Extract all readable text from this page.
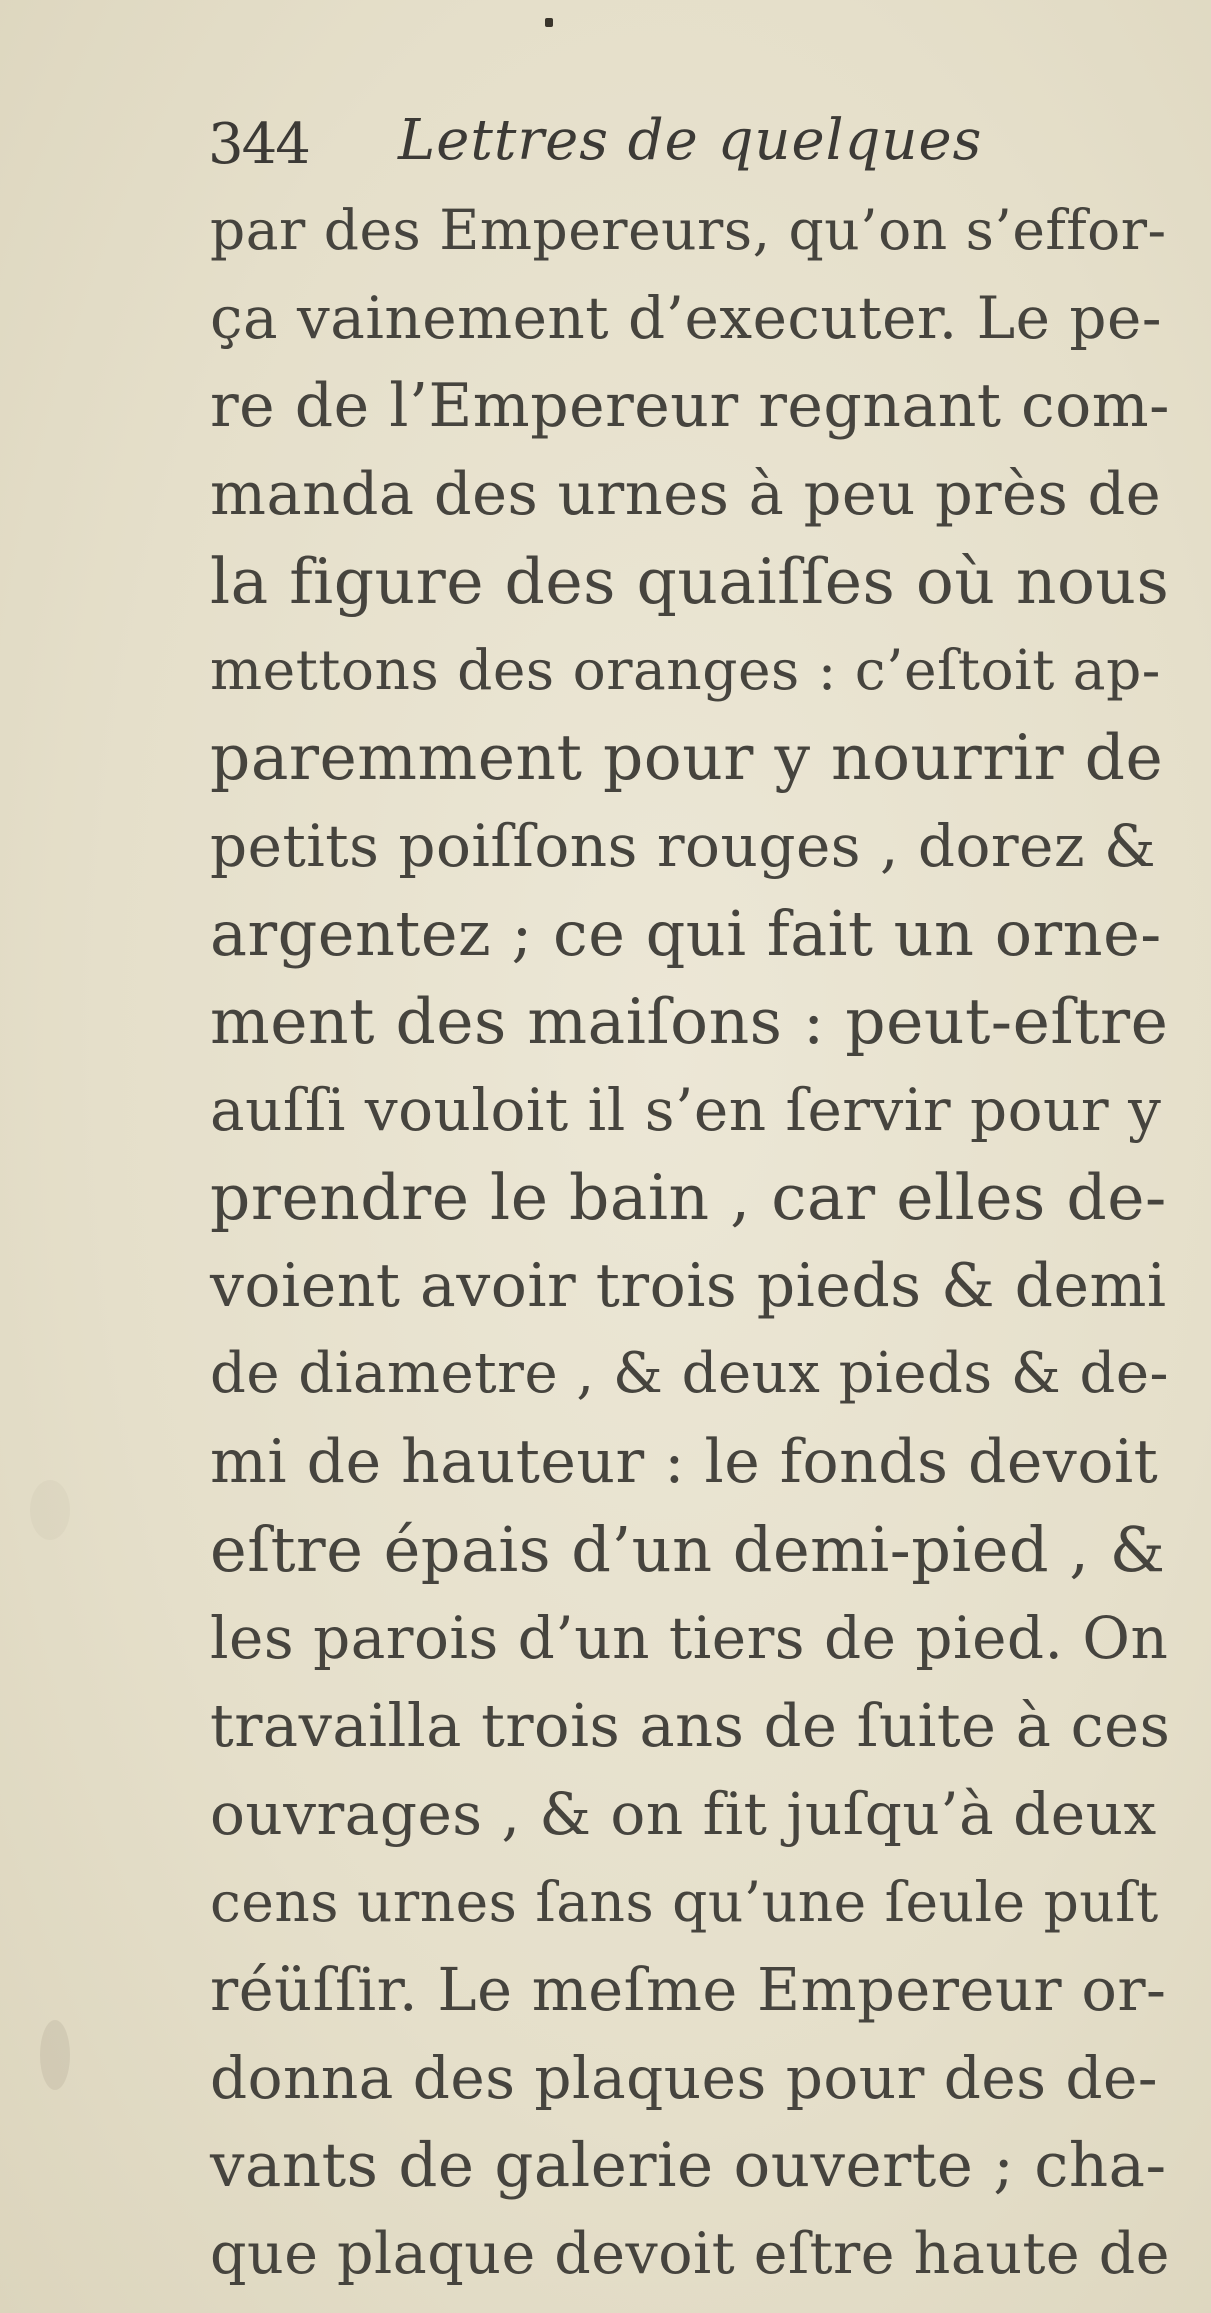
344 Lettres de quelques
par des Empereurs, qu’on s’effor-
ça vainement d’executer. Le pe-
re de l’Empereur regnant com-
manda des urnes à peu près de
la figure des quaiſſes où nous
mettons des oranges : c’eſtoit ap-
paremment pour y nourrir de
petits poiſſons rouges , dorez &
argentez ; ce qui fait un orne-
ment des maiſons : peut-eſtre
auſſi vouloit il s’en ſervir pour y
prendre le bain , car elles de-
voient avoir trois pieds & demi
de diametre , & deux pieds & de-
mi de hauteur : le fonds devoit
eſtre épais d’un demi-pied , &
les parois d’un tiers de pied. On
travailla trois ans de ſuite à ces
ouvrages , & on fit juſqu’à deux
cens urnes ſans qu’une ſeule puſt
réüſſir. Le meſme Empereur or-
donna des plaques pour des de-
vants de galerie ouverte ; cha-
que plaque devoit eſtre haute de
